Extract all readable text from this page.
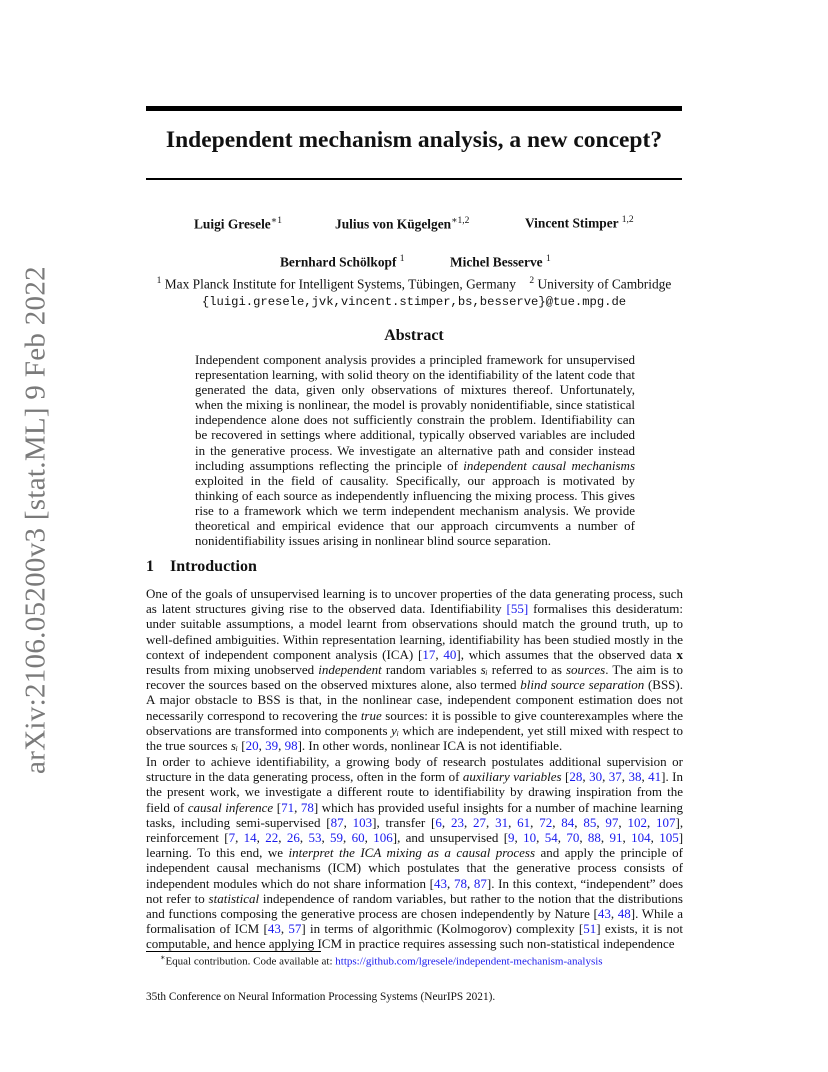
arXiv:2106.05200v3 [stat.ML] 9 Feb 2022
Independent mechanism analysis, a new concept?
Luigi Gresele$^{∗1}$	Julius von Kügelgen$^{∗1,2}$	Vincent Stimper $^{1,2}$
Bernhard Schölkopf $^1$	Michel Besserve $^1$
$^1$ Max Planck Institute for Intelligent Systems, Tübingen, Germany    $^2$ University of Cambridge
{luigi.gresele,jvk,vincent.stimper,bs,besserve}@tue.mpg.de
Abstract

Independent component analysis provides a principled framework for unsupervised representation learning, with solid theory on the identifiability of the latent code that generated the data, given only observations of mixtures thereof. Unfortunately, when the mixing is nonlinear, the model is provably nonidentifiable, since statistical independence alone does not sufficiently constrain the problem. Identifiability can be recovered in settings where additional, typically observed variables are included in the generative process. We investigate an alternative path and consider instead including assumptions reflecting the principle of independent causal mechanisms exploited in the field of causality. Specifically, our approach is motivated by thinking of each source as independently influencing the mixing process. This gives rise to a framework which we term independent mechanism analysis. We provide theoretical and empirical evidence that our approach circumvents a number of nonidentifiability issues arising in nonlinear blind source separation.

1 Introduction

One of the goals of unsupervised learning is to uncover properties of the data generating process, such as latent structures giving rise to the observed data. Identifiability [55] formalises this desideratum: under suitable assumptions, a model learnt from observations should match the ground truth, up to well-defined ambiguities. Within representation learning, identifiability has been studied mostly in the context of independent component analysis (ICA) [17, 40], which assumes that the observed data x results from mixing unobserved independent random variables sᵢ referred to as sources. The aim is to recover the sources based on the observed mixtures alone, also termed blind source separation (BSS). A major obstacle to BSS is that, in the nonlinear case, independent component estimation does not necessarily correspond to recovering the true sources: it is possible to give counterexamples where the observations are transformed into components yᵢ which are independent, yet still mixed with respect to the true sources sᵢ [20, 39, 98]. In other words, nonlinear ICA is not identifiable.

In order to achieve identifiability, a growing body of research postulates additional supervision or structure in the data generating process, often in the form of auxiliary variables [28, 30, 37, 38, 41]. In the present work, we investigate a different route to identifiability by drawing inspiration from the field of causal inference [71, 78] which has provided useful insights for a number of machine learning tasks, including semi-supervised [87, 103], transfer [6, 23, 27, 31, 61, 72, 84, 85, 97, 102, 107], reinforcement [7, 14, 22, 26, 53, 59, 60, 106], and unsupervised [9, 10, 54, 70, 88, 91, 104, 105] learning. To this end, we interpret the ICA mixing as a causal process and apply the principle of independent causal mechanisms (ICM) which postulates that the generative process consists of independent modules which do not share information [43, 78, 87]. In this context, “independent” does not refer to statistical independence of random variables, but rather to the notion that the distributions and functions composing the generative process are chosen independently by Nature [43, 48]. While a formalisation of ICM [43, 57] in terms of algorithmic (Kolmogorov) complexity [51] exists, it is not computable, and hence applying ICM in practice requires assessing such non-statistical independence

∗Equal contribution. Code available at: https://github.com/lgresele/independent-mechanism-analysis
35th Conference on Neural Information Processing Systems (NeurIPS 2021).
